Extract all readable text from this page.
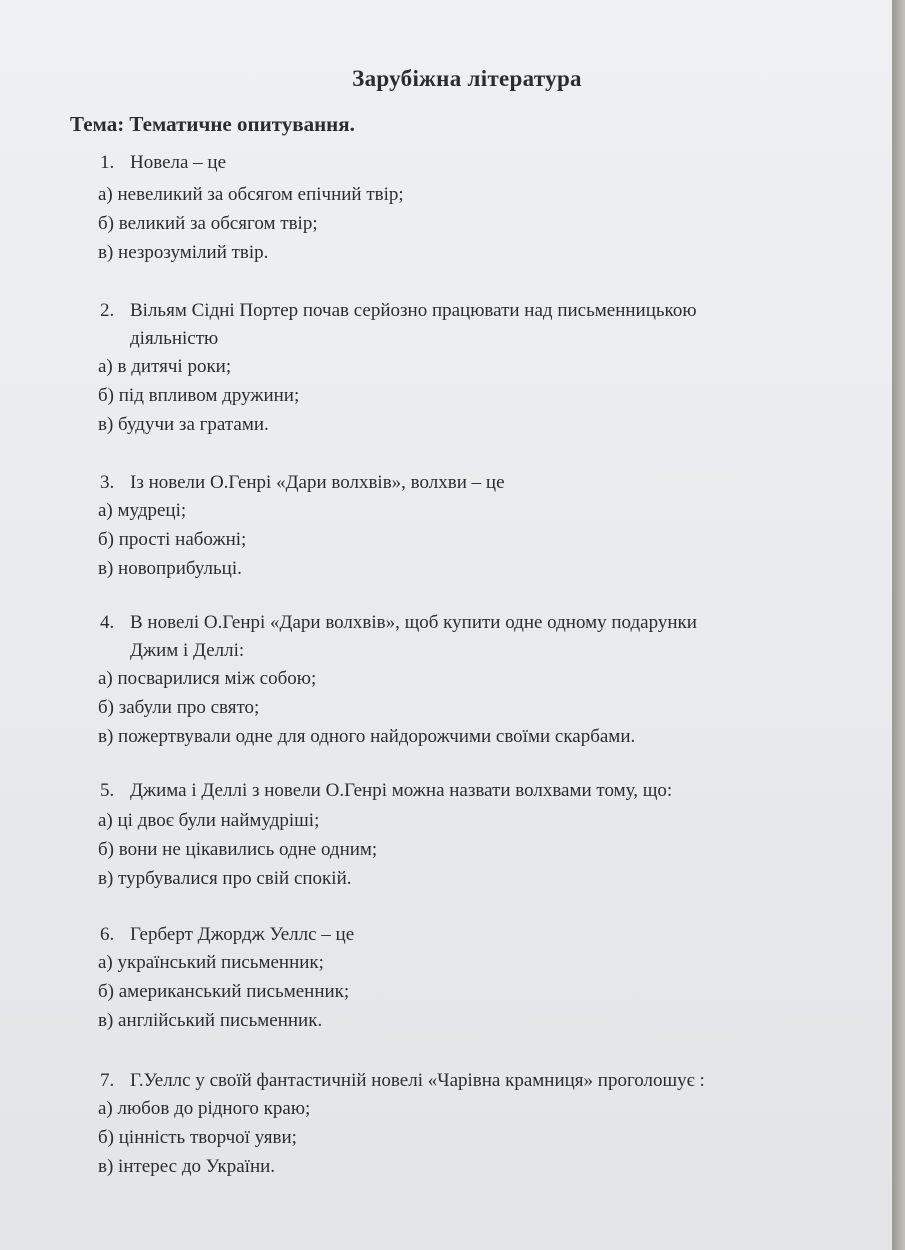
Зарубіжна література
Тема: Тематичне опитування.
1. Новела – це
а) невеликий за обсягом епічний твір;
б) великий за обсягом твір;
в) незрозумілий твір.
2. Вільям Сідні Портер почав серйозно працювати над письменницькою
діяльністю
а) в дитячі роки;
б) під впливом дружини;
в) будучи за гратами.
3. Із новели О.Генрі «Дари волхвів», волхви – це
а) мудреці;
б) прості набожні;
в) новоприбульці.
4. В новелі О.Генрі «Дари волхвів», щоб купити одне одному подарунки
Джим і Деллі:
а) посварилися між собою;
б) забули про свято;
в) пожертвували одне для одного найдорожчими своїми скарбами.
5. Джима і Деллі з новели О.Генрі можна назвати волхвами тому, що:
а) ці двоє були наймудріші;
б) вони не цікавились одне одним;
в) турбувалися про свій спокій.
6. Герберт Джордж Уеллс – це
а) український письменник;
б) американський письменник;
в) англійський письменник.
7. Г.Уеллс у своїй фантастичній новелі «Чарівна крамниця» проголошує :
а) любов до рідного краю;
б) цінність творчої уяви;
в) інтерес до України.
